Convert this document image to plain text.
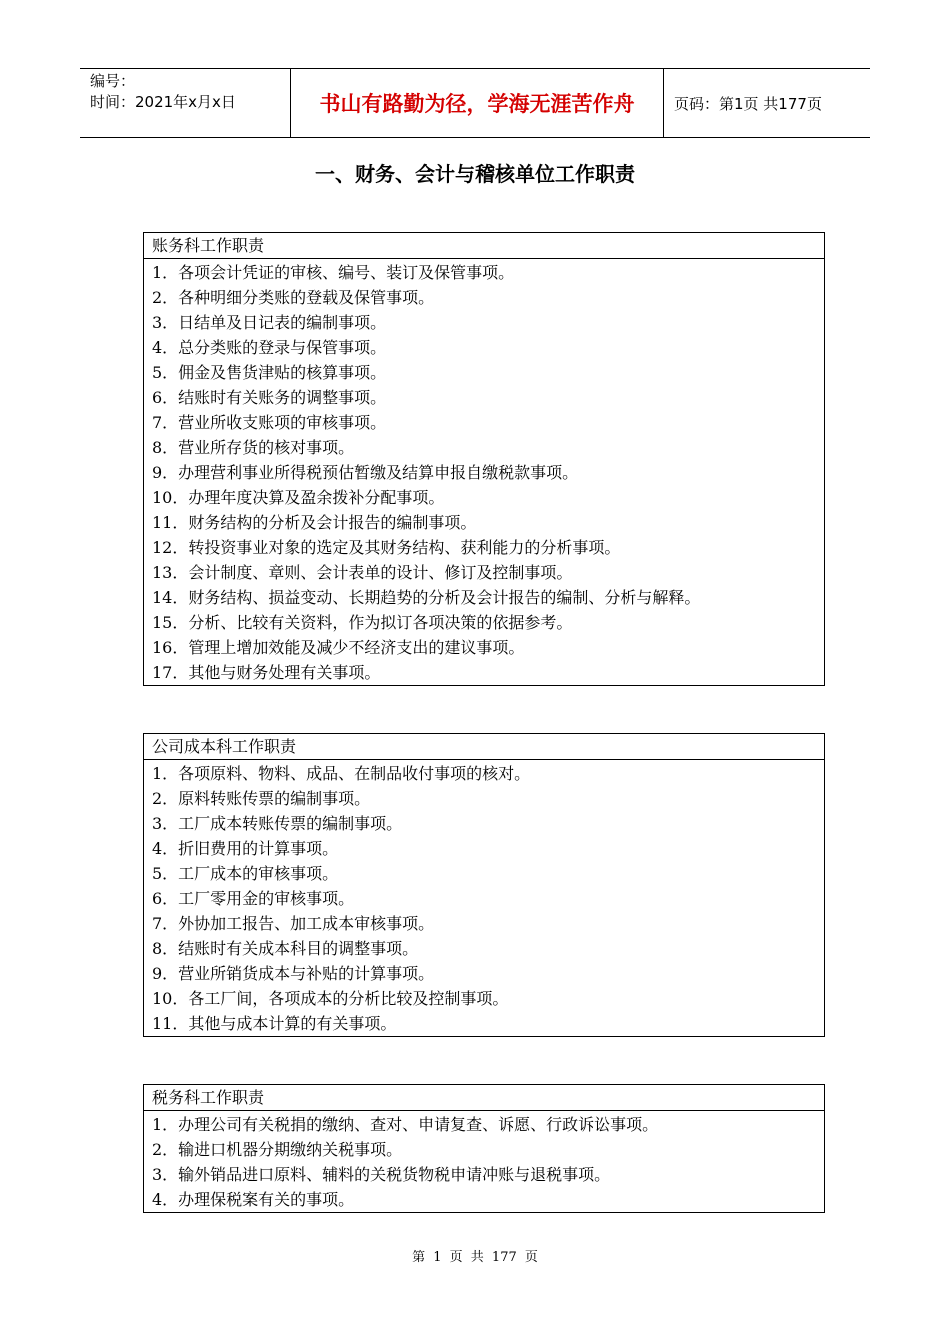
编号：
时间：2021年x月x日	书山有路勤为径，学海无涯苦作舟	页码：第1页 共177页
一、财务、会计与稽核单位工作职责
账务科工作职责
1．各项会计凭证的审核、编号、装订及保管事项。
2．各种明细分类账的登载及保管事项。
3．日结单及日记表的编制事项。
4．总分类账的登录与保管事项。
5．佣金及售货津贴的核算事项。
6．结账时有关账务的调整事项。
7．营业所收支账项的审核事项。
8．营业所存货的核对事项。
9．办理营利事业所得税预估暂缴及结算申报自缴税款事项。
10．办理年度决算及盈余拨补分配事项。
11．财务结构的分析及会计报告的编制事项。
12．转投资事业对象的选定及其财务结构、获利能力的分析事项。
13．会计制度、章则、会计表单的设计、修订及控制事项。
14．财务结构、损益变动、长期趋势的分析及会计报告的编制、分析与解释。
15．分析、比较有关资料，作为拟订各项决策的依据参考。
16．管理上增加效能及减少不经济支出的建议事项。
17．其他与财务处理有关事项。
公司成本科工作职责
1．各项原料、物料、成品、在制品收付事项的核对。
2．原料转账传票的编制事项。
3．工厂成本转账传票的编制事项。
4．折旧费用的计算事项。
5．工厂成本的审核事项。
6．工厂零用金的审核事项。
7．外协加工报告、加工成本审核事项。
8．结账时有关成本科目的调整事项。
9．营业所销货成本与补贴的计算事项。
10．各工厂间，各项成本的分析比较及控制事项。
11．其他与成本计算的有关事项。
税务科工作职责
1．办理公司有关税捐的缴纳、查对、申请复查、诉愿、行政诉讼事项。
2．输进口机器分期缴纳关税事项。
3．输外销品进口原料、辅料的关税货物税申请冲账与退税事项。
4．办理保税案有关的事项。
第 1 页 共 177 页
